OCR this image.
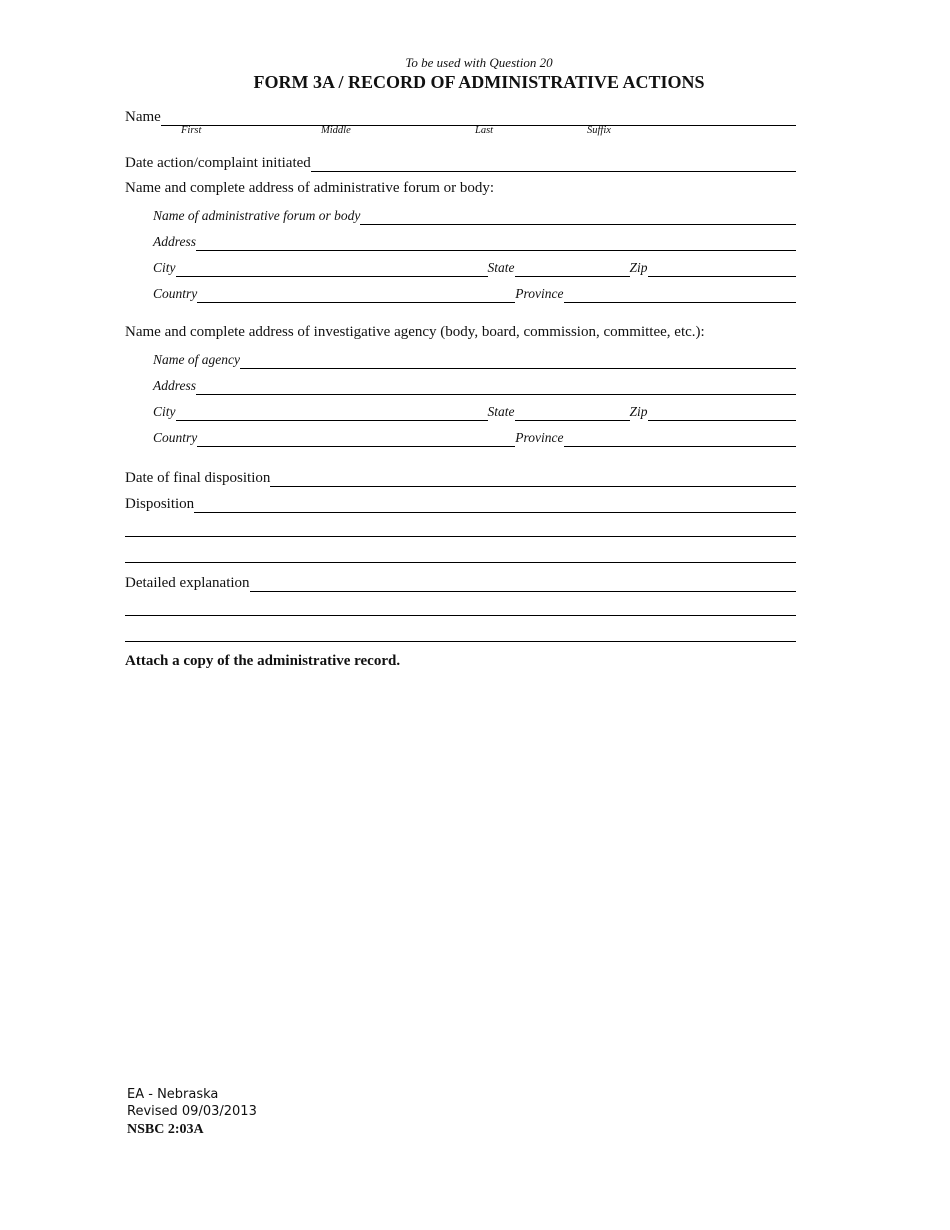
To be used with Question 20
FORM 3A / RECORD OF ADMINISTRATIVE ACTIONS
Name
First	Middle	Last	Suffix
Date action/complaint initiated
Name and complete address of administrative forum or body:
Name of administrative forum or body
Address
City	State	Zip
Country	Province
Name and complete address of investigative agency (body, board, commission, committee, etc.):
Name of agency
Address
City	State	Zip
Country	Province
Date of final disposition
Disposition
Detailed explanation
Attach a copy of the administrative record.
EA - Nebraska
Revised 09/03/2013
NSBC 2:03A
